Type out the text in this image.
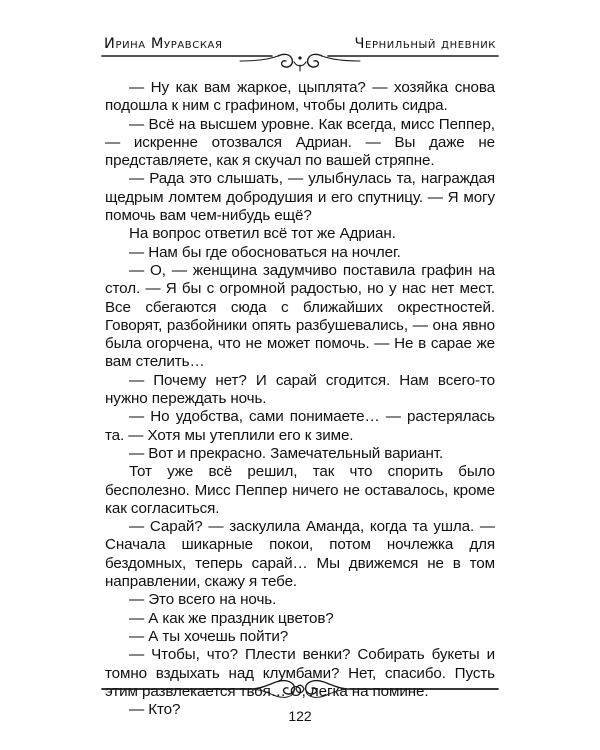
Ирина Муравская	Чернильный дневник

— Ну как вам жаркое, цыплята? — хозяйка снова подошла к ним с графином, чтобы долить сидра.

— Всё на высшем уровне. Как всегда, мисс Пеппер, — искренне отозвался Адриан. — Вы даже не представляете, как я скучал по вашей стряпне.

— Рада это слышать, — улыбнулась та, награждая щедрым ломтем добродушия и его спутницу. — Я могу помочь вам чем-нибудь ещё?

На вопрос ответил всё тот же Адриан.

— Нам бы где обосноваться на ночлег.

— О, — женщина задумчиво поставила графин на стол. — Я бы с огромной радостью, но у нас нет мест. Все сбегаются сюда с ближайших окрестностей. Говорят, разбойники опять разбушевались, — она явно была огорчена, что не может помочь. — Не в сарае же вам стелить…

— Почему нет? И сарай сгодится. Нам всего-то нужно переждать ночь.

— Но удобства, сами понимаете… — растерялась та. — Хотя мы утеплили его к зиме.

— Вот и прекрасно. Замечательный вариант.

Тот уже всё решил, так что спорить было бесполезно. Мисс Пеппер ничего не оставалось, кроме как согласиться.

— Сарай? — заскулила Аманда, когда та ушла. — Сначала шикарные покои, потом ночлежка для бездомных, теперь сарай… Мы движемся не в том направлении, скажу я тебе.

— Это всего на ночь.

— А как же праздник цветов?

— А ты хочешь пойти?

— Чтобы, что? Плести венки? Собирать букеты и томно вздыхать над клумбами? Нет, спасибо. Пусть этим развлекается твоя… О, легка на помине.

— Кто?	122
